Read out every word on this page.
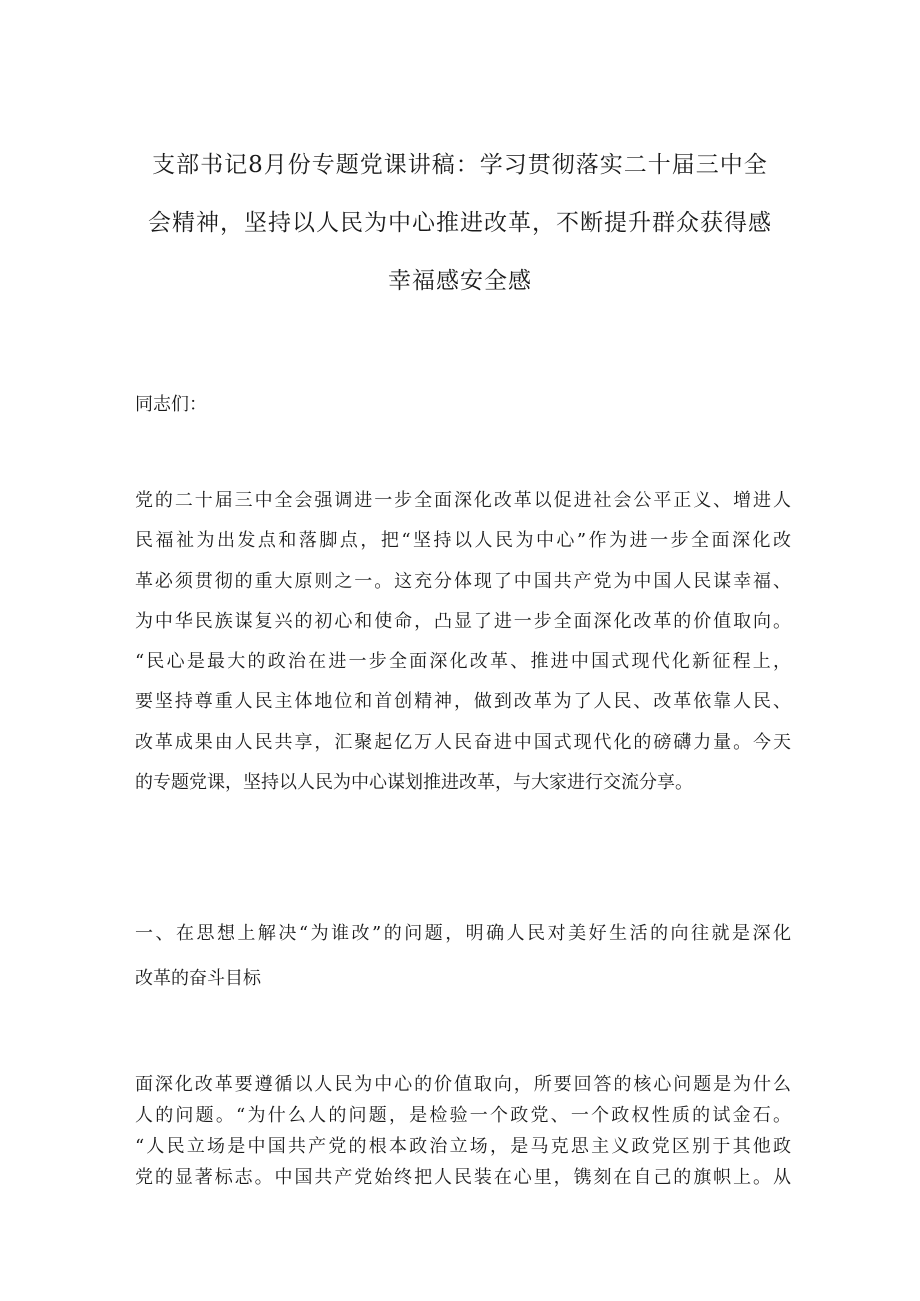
支部书记8月份专题党课讲稿：学习贯彻落实二十届三中全
会精神，坚持以人民为中心推进改革，不断提升群众获得感
幸福感安全感
同志们：
党的二十届三中全会强调进一步全面深化改革以促进社会公平正义、增进人
民福祉为出发点和落脚点，把“坚持以人民为中心”作为进一步全面深化改
革必须贯彻的重大原则之一。这充分体现了中国共产党为中国人民谋幸福、
为中华民族谋复兴的初心和使命，凸显了进一步全面深化改革的价值取向。
“民心是最大的政治在进一步全面深化改革、推进中国式现代化新征程上，
要坚持尊重人民主体地位和首创精神，做到改革为了人民、改革依靠人民、
改革成果由人民共享，汇聚起亿万人民奋进中国式现代化的磅礴力量。今天
的专题党课，坚持以人民为中心谋划推进改革，与大家进行交流分享。
一、在思想上解决“为谁改”的问题，明确人民对美好生活的向往就是深化
改革的奋斗目标
面深化改革要遵循以人民为中心的价值取向，所要回答的核心问题是为什么
人的问题。“为什么人的问题，是检验一个政党、一个政权性质的试金石。
“人民立场是中国共产党的根本政治立场，是马克思主义政党区别于其他政
党的显著标志。中国共产党始终把人民装在心里，镌刻在自己的旗帜上。从
